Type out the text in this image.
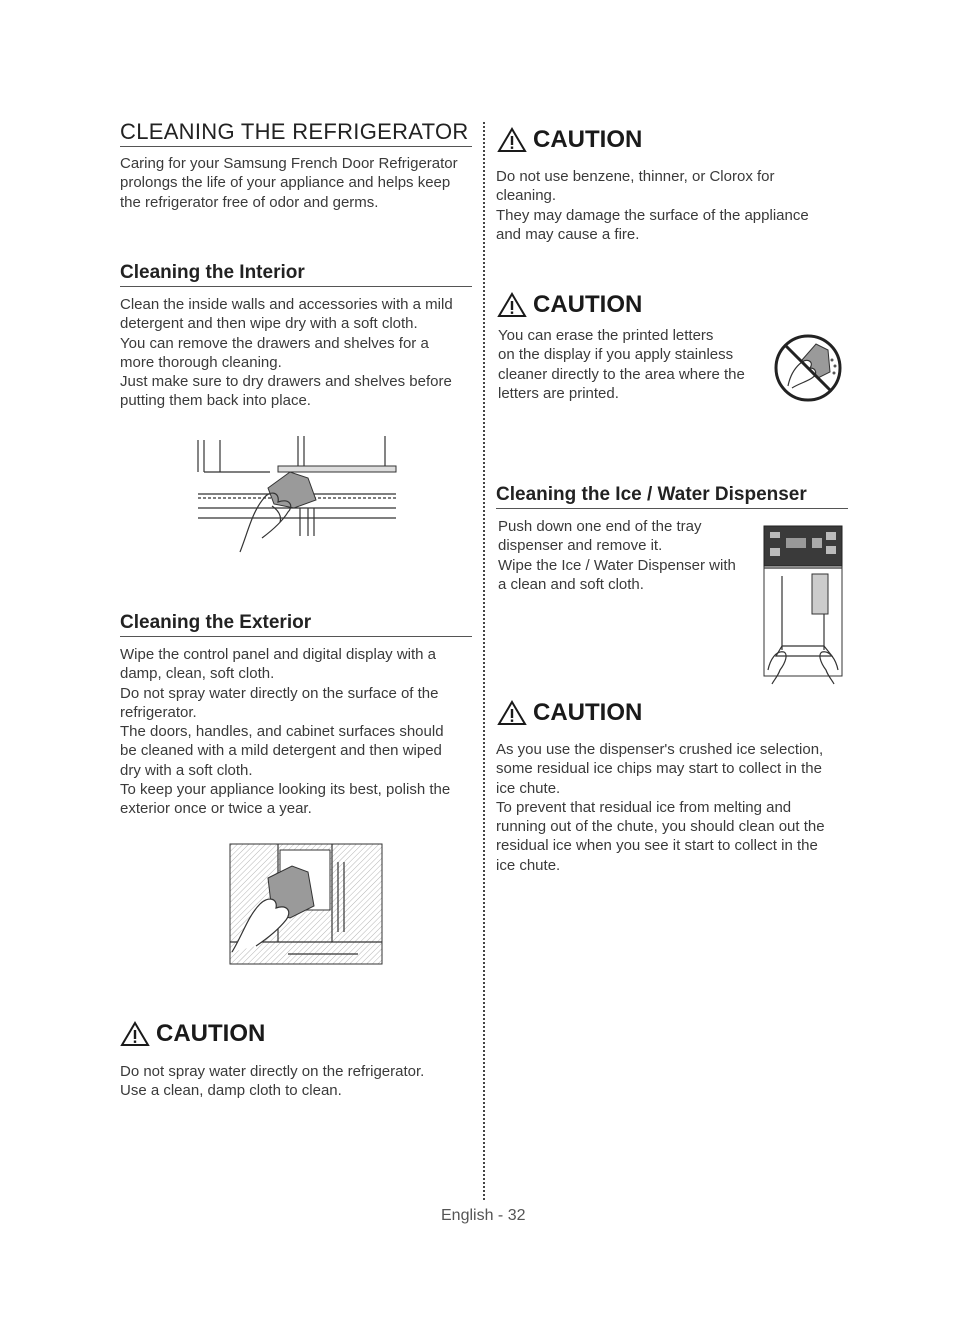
CLEANING THE REFRIGERATOR

Caring for your Samsung French Door Refrigerator

prolongs the life of your appliance and helps keep

the refrigerator free of odor and germs.

Cleaning the Interior

Clean the inside walls and accessories with a mild

detergent and then wipe dry with a soft cloth.

You can remove the drawers and shelves for a

more thorough cleaning.

Just make sure to dry drawers and shelves before

putting them back into place.

Cleaning the Exterior

Wipe the control panel and digital display with a

damp, clean, soft cloth.

Do not spray water directly on the surface of the

refrigerator.

The doors, handles, and cabinet surfaces should

be cleaned with a mild detergent and then wiped

dry with a soft cloth.

To keep your appliance looking its best, polish the

exterior once or twice a year.

CAUTION

Do not spray water directly on the refrigerator.

Use a clean, damp cloth to clean.

CAUTION

Do not use benzene, thinner, or Clorox for

cleaning.

They may damage the surface of the appliance

and may cause a fire.

CAUTION

You can erase the printed letters

on the display if you apply stainless

cleaner directly to the area where the

letters are printed.

Cleaning the Ice / Water Dispenser

Push down one end of the tray

dispenser and remove it.

Wipe the Ice / Water Dispenser with

a clean and soft cloth.

CAUTION

As you use the dispenser's crushed ice selection,

some residual ice chips may start to collect in the

ice chute.

To prevent that residual ice from melting and

running out of the chute, you should clean out the

residual ice when you see it start to collect in the

ice chute.

English - 32
